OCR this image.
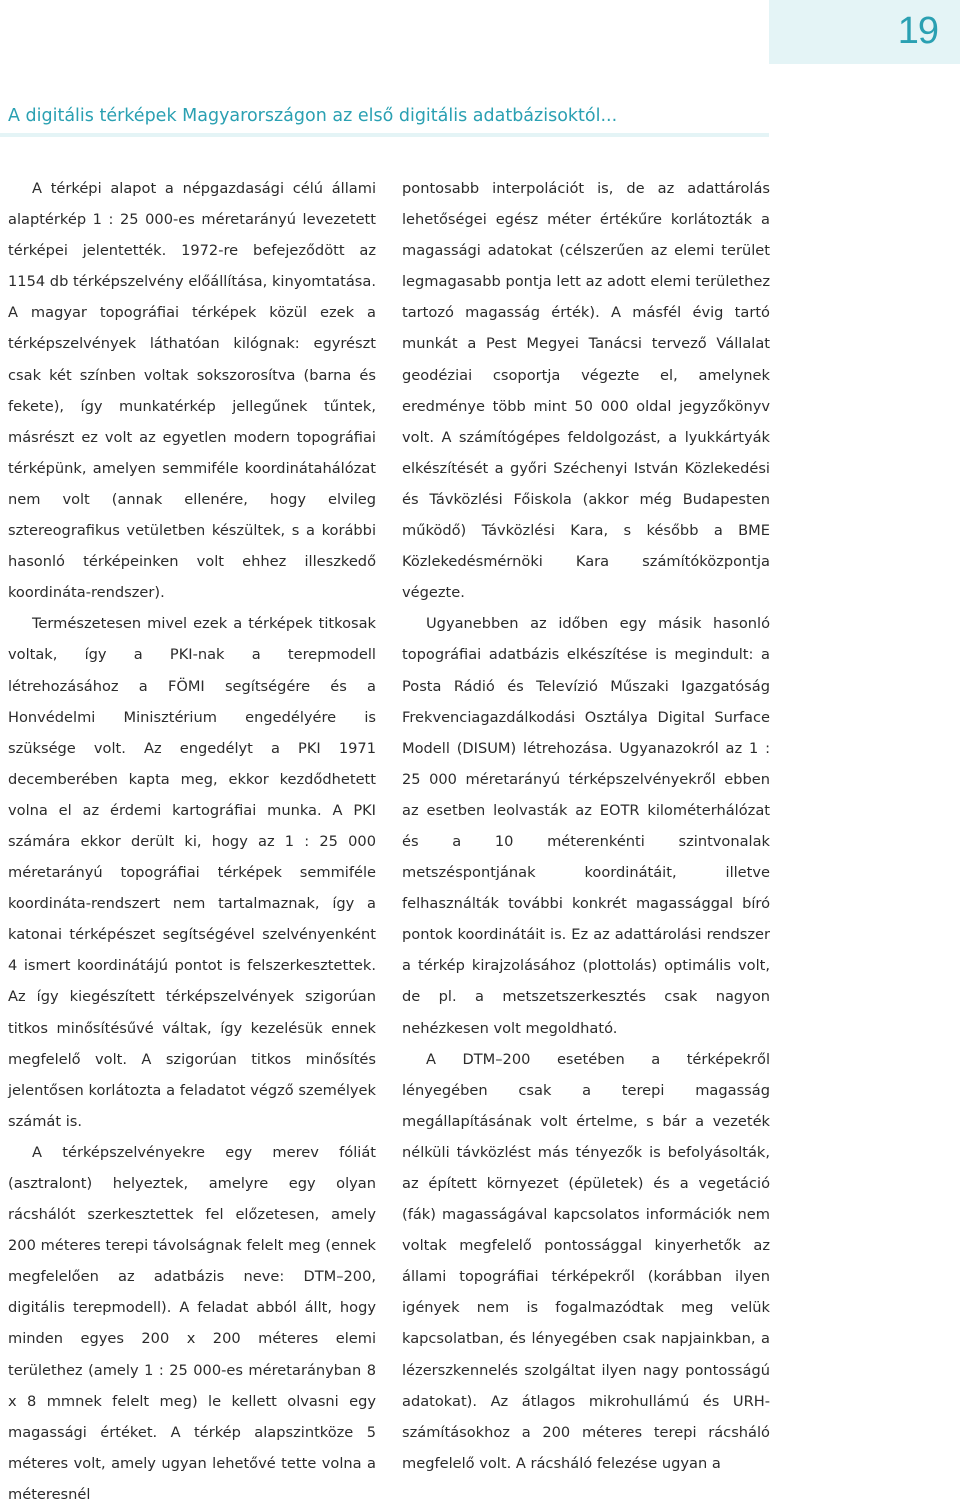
19
A digitális térképek Magyarországon az első digitális adatbázisoktól...

A térképi alapot a népgazdasági célú állami alaptérkép 1 : 25 000-es méretarányú levezetett térképei jelentették. 1972-re befejeződött az 1154 db térképszelvény előállítása, kinyomtatása. A magyar topográfiai térképek közül ezek a térképszelvények láthatóan kilógnak: egyrészt csak két színben voltak sokszorosítva (barna és fekete), így munkatérkép jellegűnek tűntek, másrészt ez volt az egyetlen modern topográfiai térképünk, amelyen semmiféle koordinátahálózat nem volt (annak ellenére, hogy elvileg sztereografikus vetületben készültek, s a korábbi hasonló térképeinken volt ehhez illeszkedő koordináta-rendszer).

Természetesen mivel ezek a térképek titkosak voltak, így a PKI-nak a terepmodell létrehozásához a FÖMI segítségére és a Honvédelmi Minisztérium engedélyére is szüksége volt. Az engedélyt a PKI 1971 decemberében kapta meg, ekkor kezdődhetett volna el az érdemi kartográfiai munka. A PKI számára ekkor derült ki, hogy az 1 : 25 000 méretarányú topográfiai térképek semmiféle koordináta-rendszert nem tartalmaznak, így a katonai térképészet segítségével szelvényenként 4 ismert koordinátájú pontot is felszerkesztettek. Az így kiegészített térképszelvények szigorúan titkos minősítésűvé váltak, így kezelésük ennek megfelelő volt. A szigorúan titkos minősítés jelentősen korlátozta a feladatot végző személyek számát is.

A térképszelvényekre egy merev fóliát (asztralont) helyeztek, amelyre egy olyan rácshálót szerkesztettek fel előzetesen, amely 200 méteres terepi távolságnak felelt meg (ennek megfelelően az adatbázis neve: DTM–200, digitális terepmodell). A feladat abból állt, hogy minden egyes 200 x 200 méteres elemi területhez (amely 1 : 25 000-es méretarányban 8 x 8 mmnek felelt meg) le kellett olvasni egy magassági értéket. A térkép alapszintköze 5 méteres volt, amely ugyan lehetővé tette volna a méteresnél

pontosabb interpolációt is, de az adattárolás lehetőségei egész méter értékűre korlátozták a magassági adatokat (célszerűen az elemi terület legmagasabb pontja lett az adott elemi területhez tartozó magasság érték). A másfél évig tartó munkát a Pest Megyei Tanácsi tervező Vállalat geodéziai csoportja végezte el, amelynek eredménye több mint 50 000 oldal jegyzőkönyv volt. A számítógépes feldolgozást, a lyukkártyák elkészítését a győri Széchenyi István Közlekedési és Távközlési Főiskola (akkor még Budapesten működő) Távközlési Kara, s később a BME Közlekedésmérnöki Kara számítóközpontja végezte.

Ugyanebben az időben egy másik hasonló topográfiai adatbázis elkészítése is megindult: a Posta Rádió és Televízió Műszaki Igazgatóság Frekvenciagazdálkodási Osztálya Digital Surface Modell (DISUM) létrehozása. Ugyanazokról az 1 : 25 000 méretarányú térképszelvényekről ebben az esetben leolvasták az EOTR kilométerhálózat és a 10 méterenkénti szintvonalak metszéspontjának koordinátáit, illetve felhasználták további konkrét magassággal bíró pontok koordinátáit is. Ez az adattárolási rendszer a térkép kirajzolásához (plottolás) optimális volt, de pl. a metszetszerkesztés csak nagyon nehézkesen volt megoldható.

A DTM–200 esetében a térképekről lényegében csak a terepi magasság megállapításának volt értelme, s bár a vezeték nélküli távközlést más tényezők is befolyásolták, az épített környezet (épületek) és a vegetáció (fák) magasságával kapcsolatos információk nem voltak megfelelő pontossággal kinyerhetők az állami topográfiai térképekről (korábban ilyen igények nem is fogalmazódtak meg velük kapcsolatban, és lényegében csak napjainkban, a lézerszkennelés szolgáltat ilyen nagy pontosságú adatokat). Az átlagos mikrohullámú és URH-számításokhoz a 200 méteres terepi rácsháló megfelelő volt. A rácsháló felezése ugyan a
